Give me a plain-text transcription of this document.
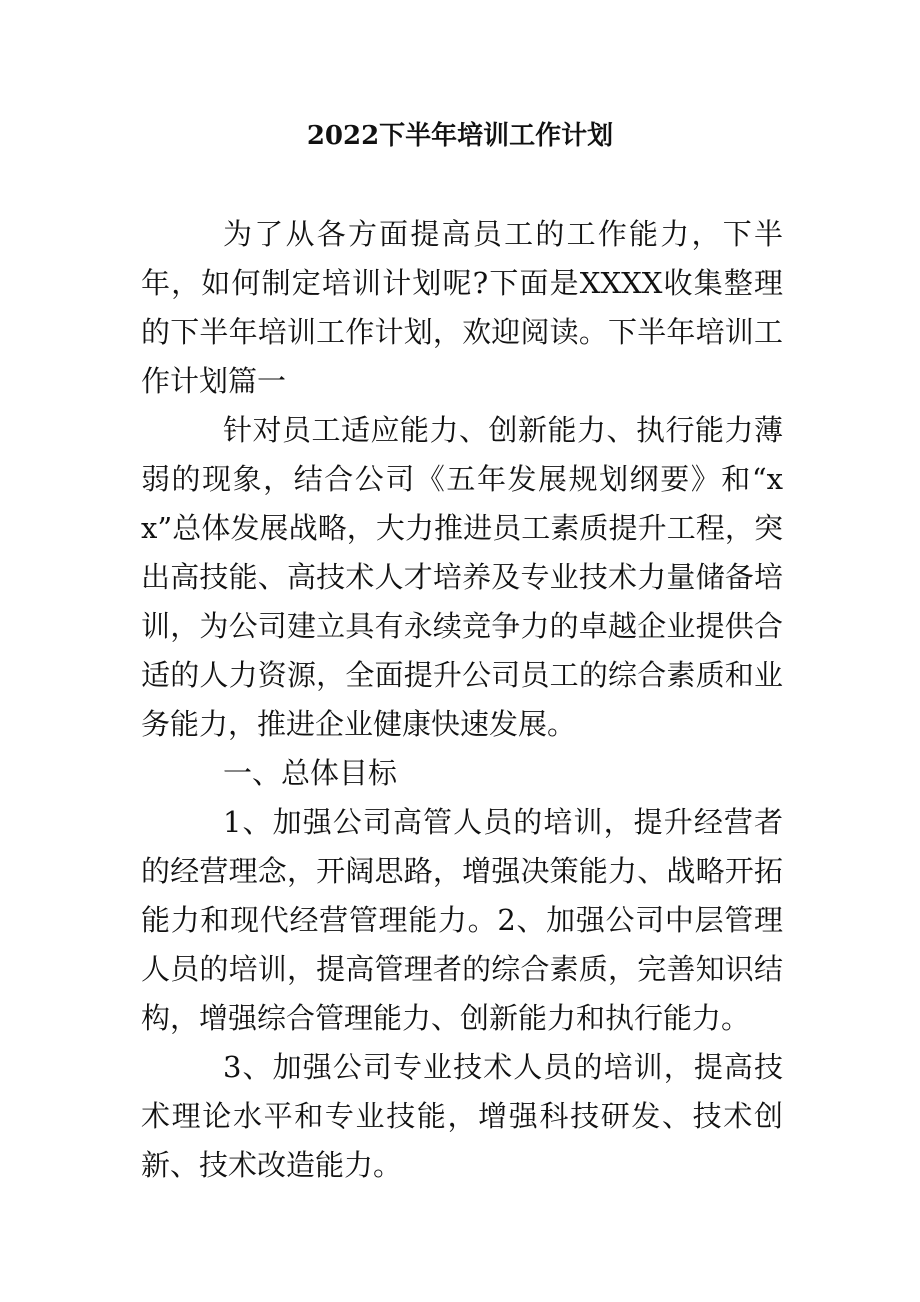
2022下半年培训工作计划

为了从各方面提高员工的工作能力，下半年，如何制定培训计划呢?下面是XXXX收集整理的下半年培训工作计划，欢迎阅读。下半年培训工作计划篇一

针对员工适应能力、创新能力、执行能力薄弱的现象，结合公司《五年发展规划纲要》和“xx”总体发展战略，大力推进员工素质提升工程，突出高技能、高技术人才培养及专业技术力量储备培训，为公司建立具有永续竞争力的卓越企业提供合适的人力资源，全面提升公司员工的综合素质和业务能力，推进企业健康快速发展。

一、总体目标

1、加强公司高管人员的培训，提升经营者的经营理念，开阔思路，增强决策能力、战略开拓能力和现代经营管理能力。2、加强公司中层管理人员的培训，提高管理者的综合素质，完善知识结构，增强综合管理能力、创新能力和执行能力。

3、加强公司专业技术人员的培训，提高技术理论水平和专业技能，增强科技研发、技术创新、技术改造能力。
